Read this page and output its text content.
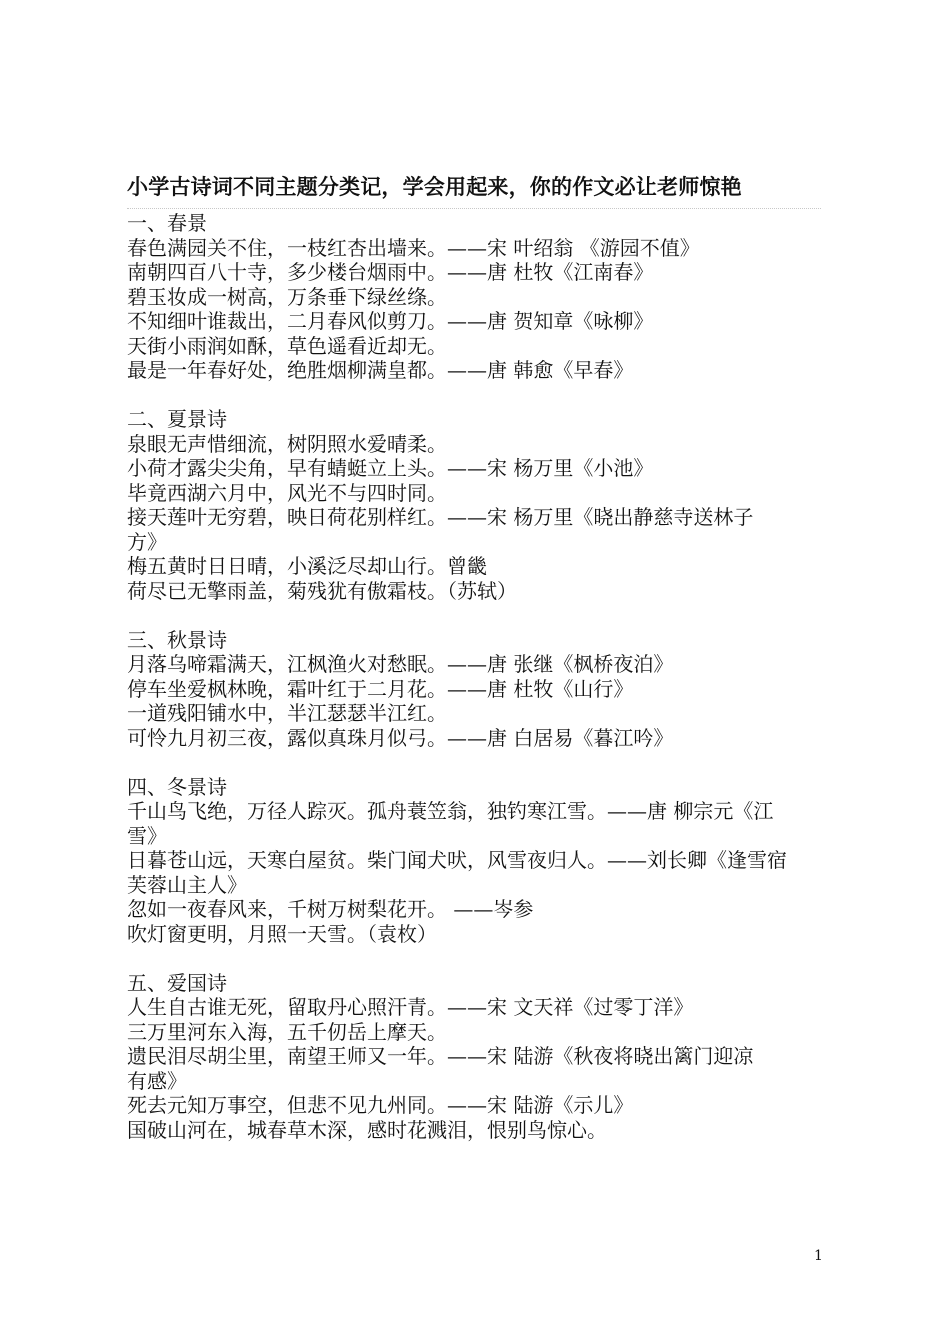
小学古诗词不同主题分类记，学会用起来，你的作文必让老师惊艳
一、春景
春色满园关不住，一枝红杏出墙来。——宋 叶绍翁 《游园不值》
南朝四百八十寺，多少楼台烟雨中。——唐 杜牧《江南春》
碧玉妆成一树高，万条垂下绿丝绦。
不知细叶谁裁出，二月春风似剪刀。——唐 贺知章《咏柳》
天街小雨润如酥，草色遥看近却无。
最是一年春好处，绝胜烟柳满皇都。——唐 韩愈《早春》
二、夏景诗
泉眼无声惜细流，树阴照水爱晴柔。
小荷才露尖尖角，早有蜻蜓立上头。——宋 杨万里《小池》
毕竟西湖六月中，风光不与四时同。
接天莲叶无穷碧，映日荷花别样红。——宋 杨万里《晓出静慈寺送林子
方》
梅五黄时日日晴，小溪泛尽却山行。曾畿
荷尽已无擎雨盖，菊残犹有傲霜枝。（苏轼）
三、秋景诗
月落乌啼霜满天，江枫渔火对愁眠。——唐 张继《枫桥夜泊》
停车坐爱枫林晚，霜叶红于二月花。——唐 杜牧《山行》
一道残阳铺水中，半江瑟瑟半江红。
可怜九月初三夜，露似真珠月似弓。——唐 白居易《暮江吟》
四、冬景诗
千山鸟飞绝，万径人踪灭。孤舟蓑笠翁，独钓寒江雪。——唐 柳宗元《江
雪》
日暮苍山远，天寒白屋贫。柴门闻犬吠，风雪夜归人。——刘长卿《逢雪宿
芙蓉山主人》
忽如一夜春风来，千树万树梨花开。 ——岑参
吹灯窗更明，月照一天雪。（袁枚）
五、爱国诗
人生自古谁无死，留取丹心照汗青。——宋 文天祥《过零丁洋》
三万里河东入海，五千仞岳上摩天。
遗民泪尽胡尘里，南望王师又一年。——宋 陆游《秋夜将晓出篱门迎凉
有感》
死去元知万事空，但悲不见九州同。——宋 陆游《示儿》
国破山河在，城春草木深，感时花溅泪，恨别鸟惊心。
1
